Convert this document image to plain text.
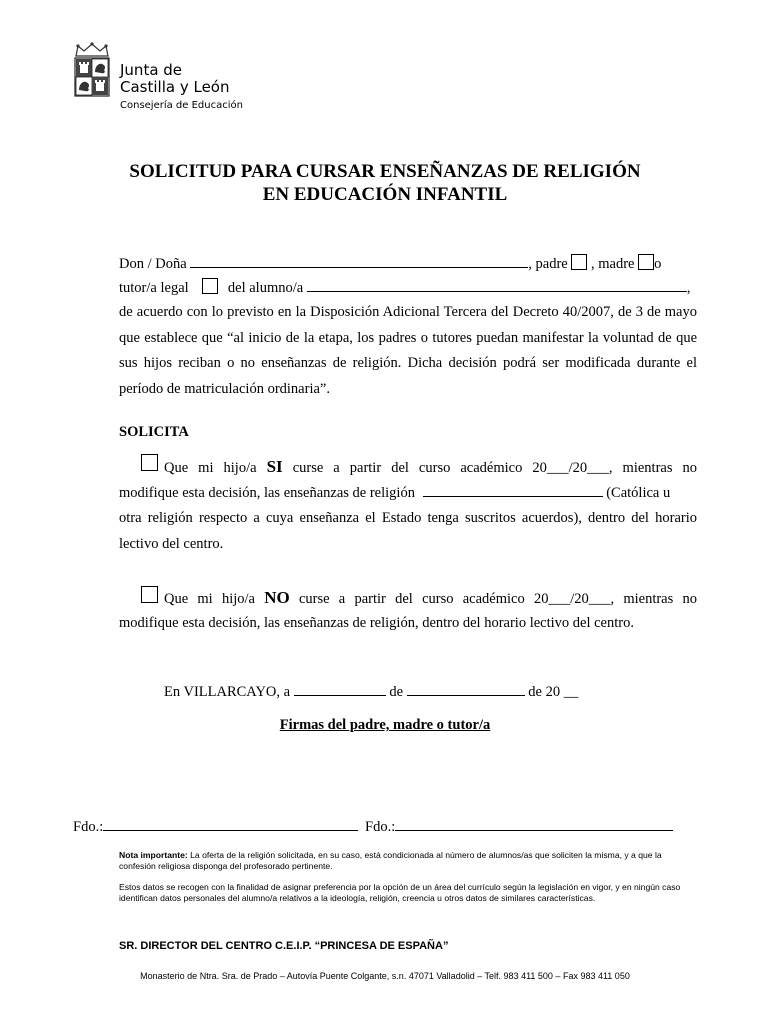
Junta de
Castilla y León
Consejería de Educación
SOLICITUD PARA CURSAR ENSEÑANZAS DE RELIGIÓN
EN EDUCACIÓN INFANTIL
Don / Doña	, padre , madre o
tutor/a legal	del alumno/a	,
de acuerdo con lo previsto en la Disposición Adicional Tercera del Decreto 40/2007, de 3 de mayo que establece que “al inicio de la etapa, los padres o tutores puedan manifestar la voluntad de que sus hijos reciban o no enseñanzas de religión. Dicha decisión podrá ser modificada durante el período de matriculación ordinaria”.
SOLICITA
Que mi hijo/a SI curse a partir del curso académico 20___/20___, mientras no
modifique esta decisión, las enseñanzas de religión	(Católica u
otra religión respecto a cuya enseñanza el Estado tenga suscritos acuerdos), dentro del horario lectivo del centro.
Que mi hijo/a NO curse a partir del curso académico 20___/20___, mientras no
modifique esta decisión, las enseñanzas de religión, dentro del horario lectivo del centro.
En VILLARCAYO, a	de	de 20 __
Firmas del padre, madre o tutor/a
Fdo.:	Fdo.:
Nota importante: La oferta de la religión solicitada, en su caso, está condicionada al número de alumnos/as que soliciten la misma, y a que la confesión religiosa disponga del profesorado pertinente.
Estos datos se recogen con la finalidad de asignar preferencia por la opción de un área del currículo según la legislación en vigor, y en ningún caso identifican datos personales del alumno/a relativos a la ideología, religión, creencia u otros datos de similares características.
SR. DIRECTOR DEL CENTRO C.E.I.P. “PRINCESA DE ESPAÑA”
Monasterio de Ntra. Sra. de Prado – Autovía Puente Colgante, s.n. 47071 Valladolid – Telf. 983 411 500 – Fax 983 411 050
